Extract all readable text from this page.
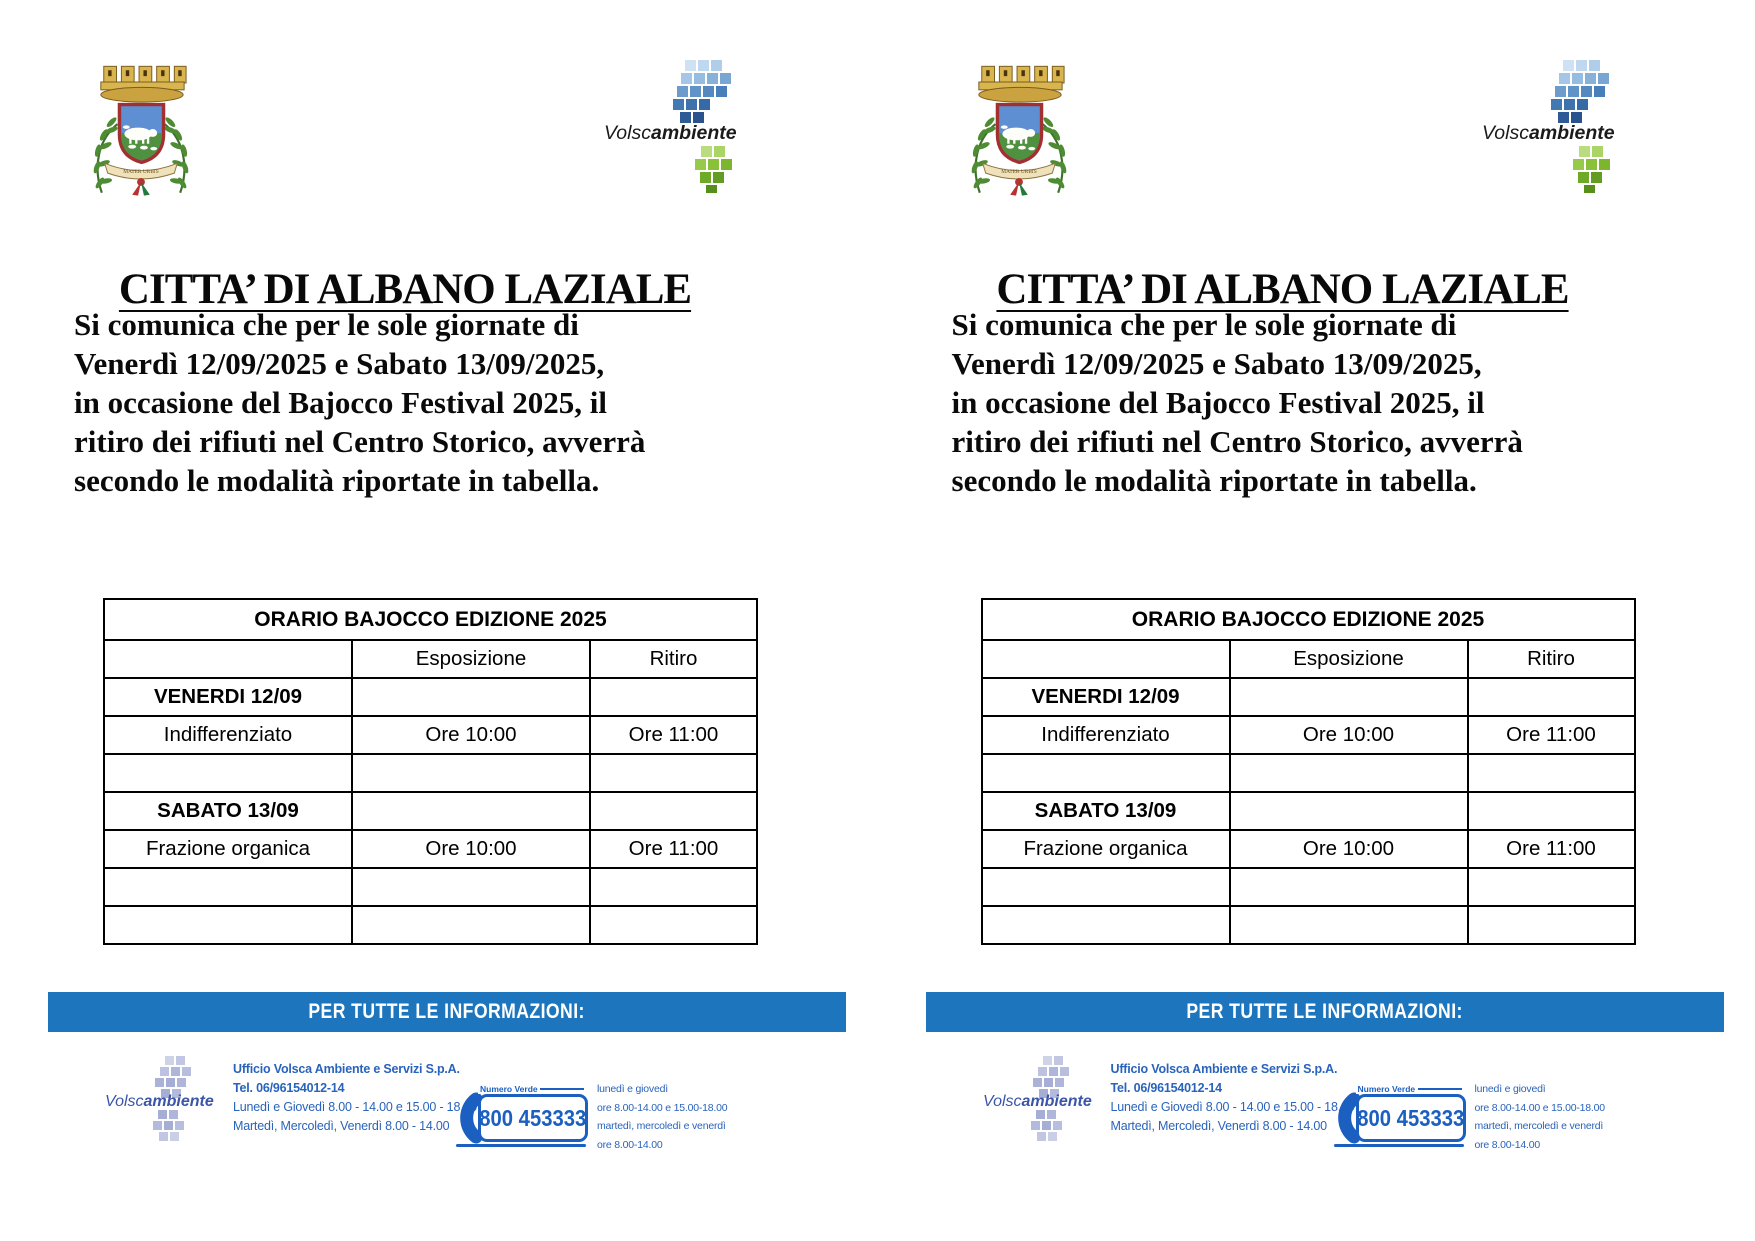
MATER URBIS
Volscambiente
CITTA’ DI ALBANO LAZIALE
Si comunica che per le sole giornate di
Venerdì 12/09/2025 e Sabato 13/09/2025,
in occasione del Bajocco Festival 2025, il
ritiro dei rifiuti nel Centro Storico, avverrà
secondo le modalità riportate in tabella.
ORARIO BAJOCCO EDIZIONE 2025		
	Esposizione	Ritiro
VENERDI 12/09		
Indifferenziato	Ore 10:00	Ore 11:00

SABATO 13/09		
Frazione organica	Ore 10:00	Ore 11:00

PER TUTTE LE INFORMAZIONI:
Volscambiente
Ufficio Volsca Ambiente e Servizi S.p.A.
Tel. 06/96154012-14
Lunedì e Giovedì 8.00 - 14.00 e 15.00 - 18.00
Martedì, Mercoledì, Venerdì 8.00 - 14.00
Numero Verde
800 453333
lunedì e giovedì
ore 8.00-14.00 e 15.00-18.00
martedì, mercoledì e venerdì
ore 8.00-14.00
MATER URBIS
Volscambiente
CITTA’ DI ALBANO LAZIALE
Si comunica che per le sole giornate di
Venerdì 12/09/2025 e Sabato 13/09/2025,
in occasione del Bajocco Festival 2025, il
ritiro dei rifiuti nel Centro Storico, avverrà
secondo le modalità riportate in tabella.
ORARIO BAJOCCO EDIZIONE 2025		
	Esposizione	Ritiro
VENERDI 12/09		
Indifferenziato	Ore 10:00	Ore 11:00

SABATO 13/09		
Frazione organica	Ore 10:00	Ore 11:00

PER TUTTE LE INFORMAZIONI:
Volscambiente
Ufficio Volsca Ambiente e Servizi S.p.A.
Tel. 06/96154012-14
Lunedì e Giovedì 8.00 - 14.00 e 15.00 - 18.00
Martedì, Mercoledì, Venerdì 8.00 - 14.00
Numero Verde
800 453333
lunedì e giovedì
ore 8.00-14.00 e 15.00-18.00
martedì, mercoledì e venerdì
ore 8.00-14.00
